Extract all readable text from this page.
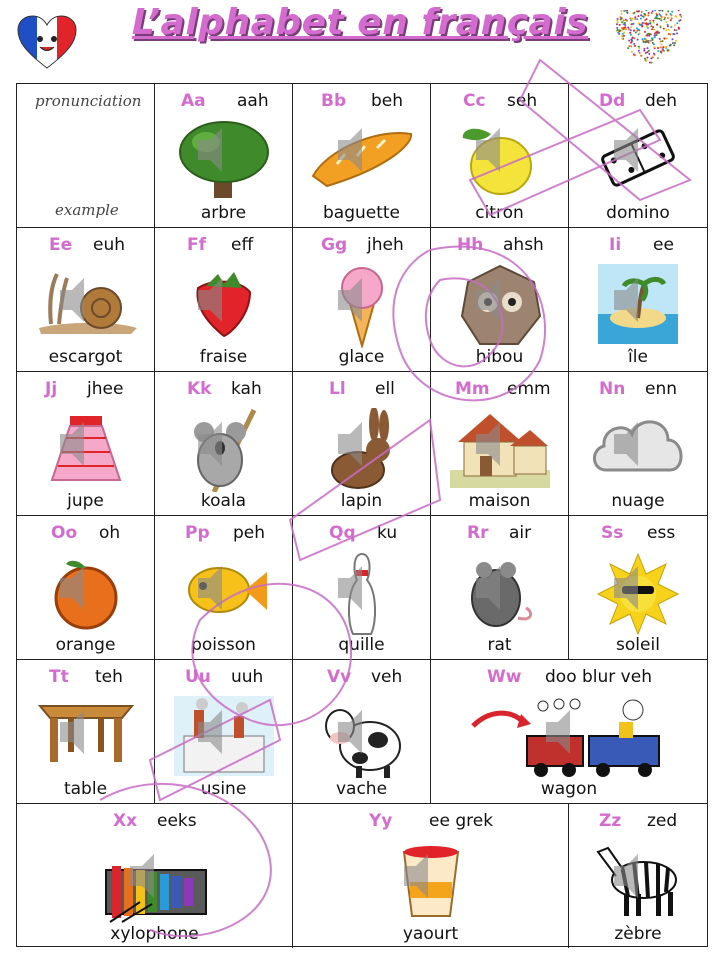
L’alphabet en français
pronunciation
example
Aa aah
arbre
Bb beh
baguette
Cc seh
citron
Dd deh
domino
Ee euh
escargot
Ff eff
fraise
Gg jheh
glace
Hh ahsh
hibou
Ii ee
île
Jj jhee
jupe
Kk kah
koala
Ll ell
lapin
Mm emm
maison
Nn enn
nuage
Oo oh
orange
Pp peh
poisson
Qq ku
quille
Rr air
rat
Ss ess
soleil
Tt teh
table
Uu uuh
usine
Vv veh
vache
Ww doo blur veh
wagon
Xx eeks
xylophone
Yy ee grek
yaourt
Zz zed
zèbre
